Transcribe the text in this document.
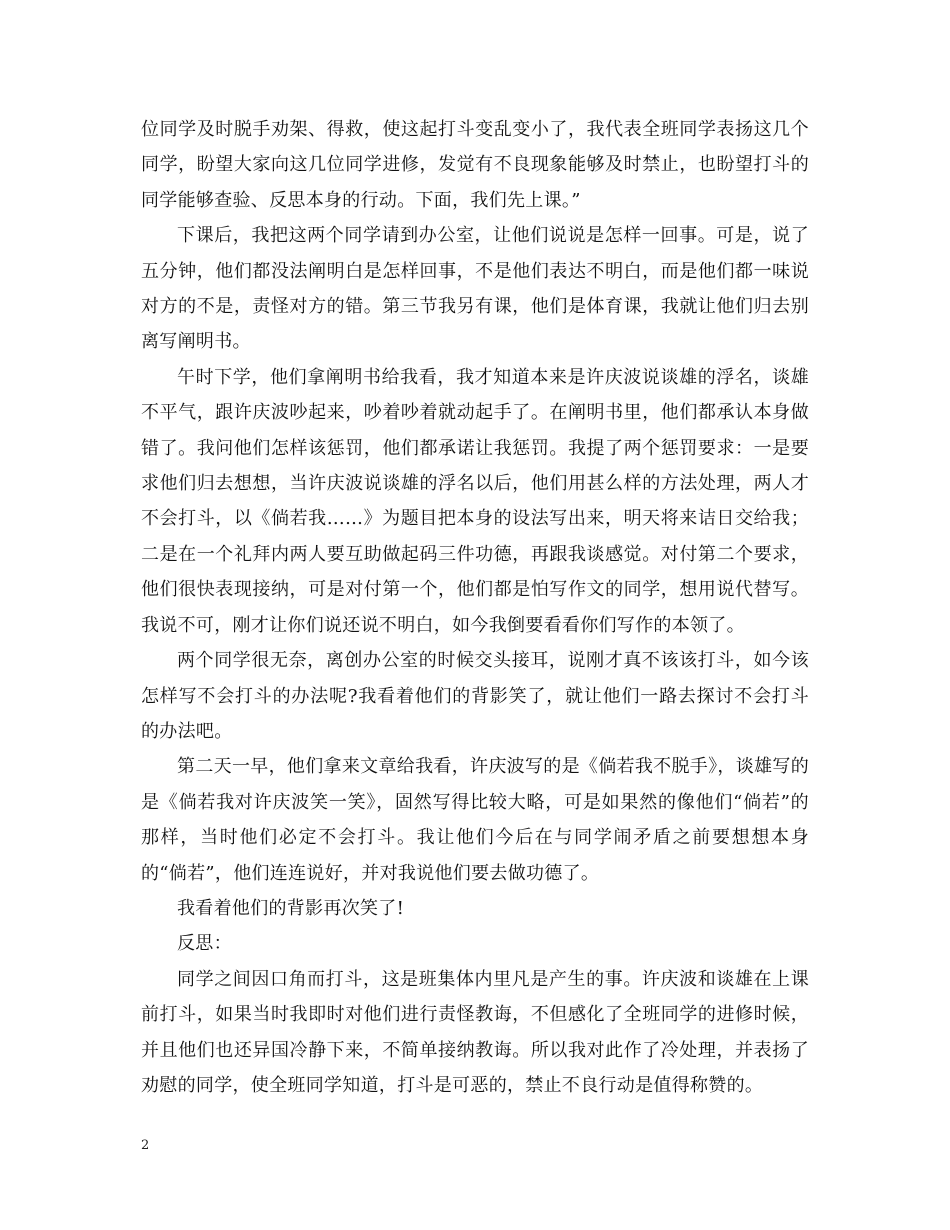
位同学及时脱手劝架、得救，使这起打斗变乱变小了，我代表全班同学表扬这几个同学，盼望大家向这几位同学进修，发觉有不良现象能够及时禁止，也盼望打斗的同学能够查验、反思本身的行动。下面，我们先上课。”

下课后，我把这两个同学请到办公室，让他们说说是怎样一回事。可是，说了五分钟，他们都没法阐明白是怎样回事，不是他们表达不明白，而是他们都一味说对方的不是，责怪对方的错。第三节我另有课，他们是体育课，我就让他们归去别离写阐明书。

午时下学，他们拿阐明书给我看，我才知道本来是许庆波说谈雄的浮名，谈雄不平气，跟许庆波吵起来，吵着吵着就动起手了。在阐明书里，他们都承认本身做错了。我问他们怎样该惩罚，他们都承诺让我惩罚。我提了两个惩罚要求：一是要求他们归去想想，当许庆波说谈雄的浮名以后，他们用甚么样的方法处理，两人才不会打斗，以《倘若我……》为题目把本身的设法写出来，明天将来诘日交给我；二是在一个礼拜内两人要互助做起码三件功德，再跟我谈感觉。对付第二个要求，他们很快表现接纳，可是对付第一个，他们都是怕写作文的同学，想用说代替写。我说不可，刚才让你们说还说不明白，如今我倒要看看你们写作的本领了。

两个同学很无奈，离创办公室的时候交头接耳，说刚才真不该该打斗，如今该怎样写不会打斗的办法呢?我看着他们的背影笑了，就让他们一路去探讨不会打斗的办法吧。

第二天一早，他们拿来文章给我看，许庆波写的是《倘若我不脱手》，谈雄写的是《倘若我对许庆波笑一笑》，固然写得比较大略，可是如果然的像他们“倘若”的那样，当时他们必定不会打斗。我让他们今后在与同学闹矛盾之前要想想本身的“倘若”，他们连连说好，并对我说他们要去做功德了。

我看着他们的背影再次笑了!

反思：

同学之间因口角而打斗，这是班集体内里凡是产生的事。许庆波和谈雄在上课前打斗，如果当时我即时对他们进行责怪教诲，不但感化了全班同学的进修时候，并且他们也还异国冷静下来，不简单接纳教诲。所以我对此作了冷处理，并表扬了劝慰的同学，使全班同学知道，打斗是可恶的，禁止不良行动是值得称赞的。

2
